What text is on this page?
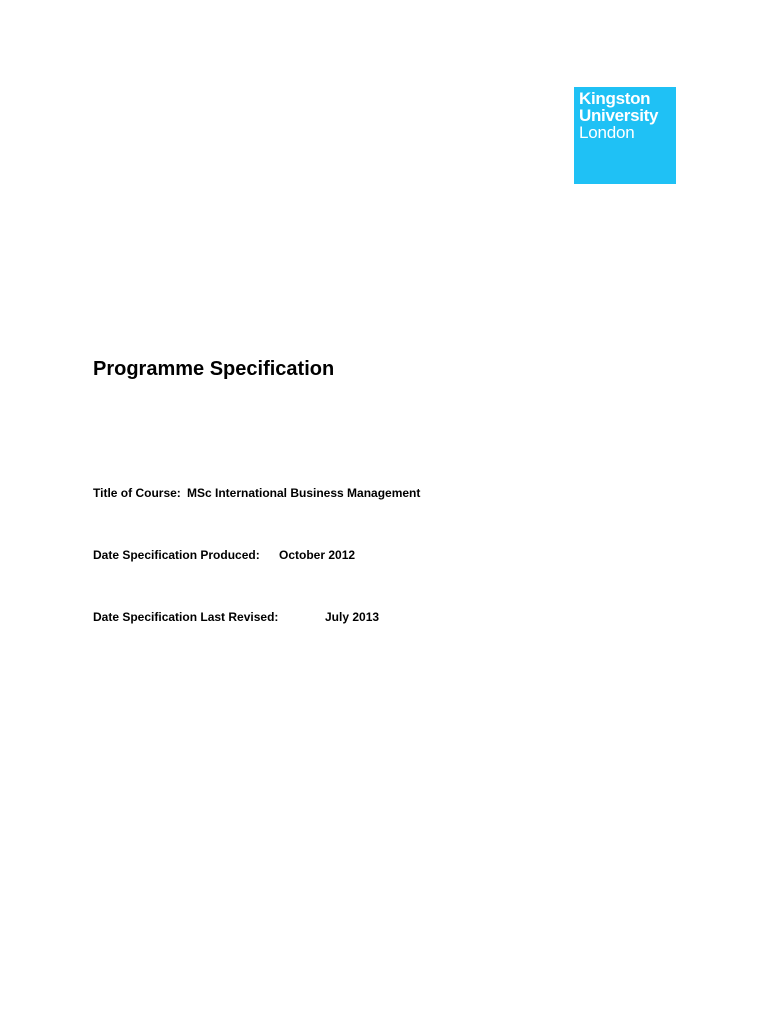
Kingston
University
London
Programme Specification
Title of Course: MSc International Business Management
Date Specification Produced: October 2012
Date Specification Last Revised:	July 2013
